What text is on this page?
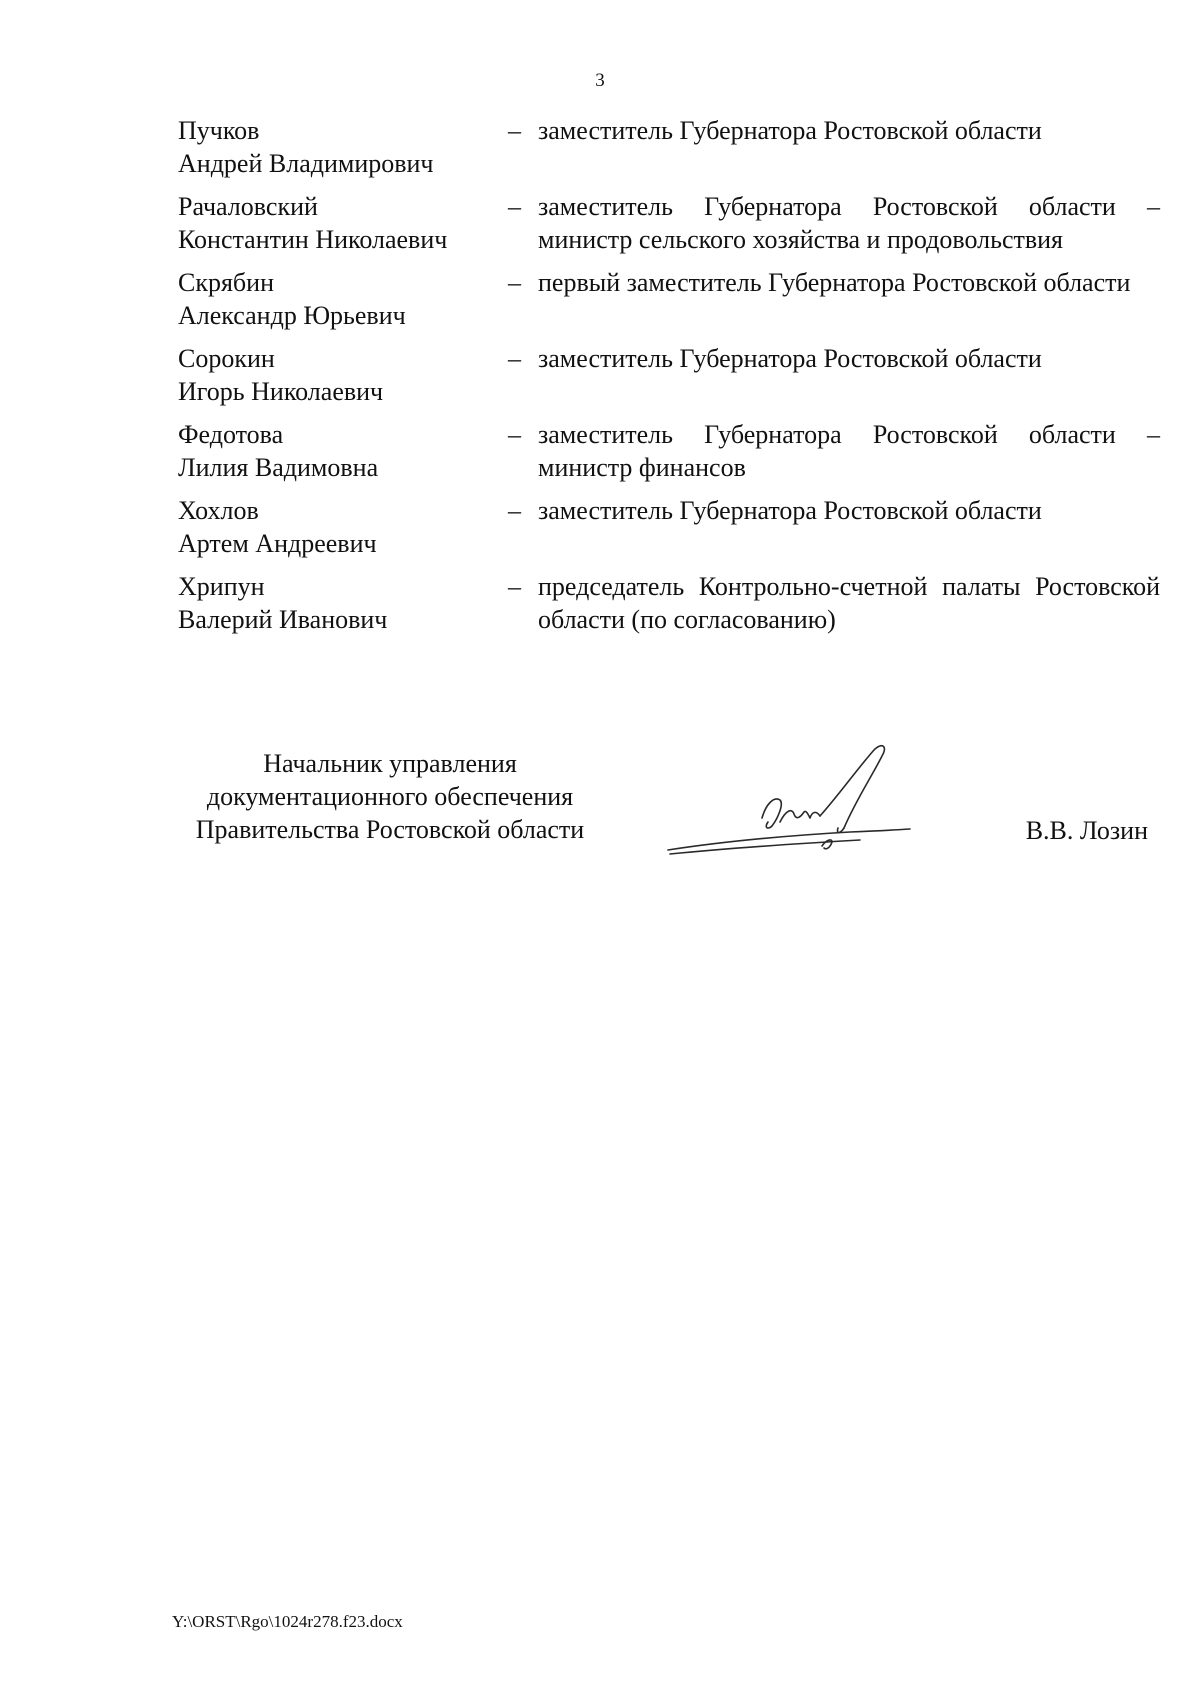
3
Пучков
Андрей Владимирович
– заместитель Губернатора Ростовской области
Рачаловский
Константин Николаевич
– заместитель Губернатора Ростовской области – министр сельского хозяйства и продовольствия
Скрябин
Александр Юрьевич
– первый заместитель Губернатора Ростовской области
Сорокин
Игорь Николаевич
– заместитель Губернатора Ростовской области
Федотова
Лилия Вадимовна
– заместитель Губернатора Ростовской области – министр финансов
Хохлов
Артем Андреевич
– заместитель Губернатора Ростовской области
Хрипун
Валерий Иванович
– председатель Контрольно-счетной палаты Ростовской области (по согласованию)
Начальник управления
документационного обеспечения
Правительства Ростовской области	В.В. Лозин
Y:\ORST\Rgo\1024r278.f23.docx
